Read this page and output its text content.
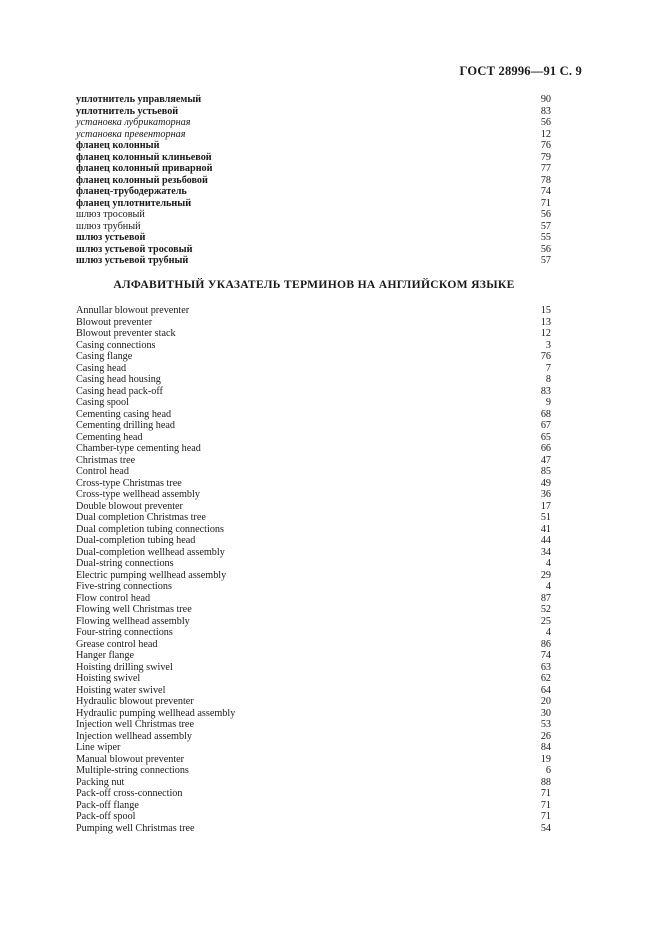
ГОСТ 28996—91 С. 9
уплотнитель управляемый	90
уплотнитель устьевой	83
установка лубрикаторная	56
установка превенторная	12
фланец колонный	76
фланец колонный клиньевой	79
фланец колонный приварной	77
фланец колонный резьбовой	78
фланец-трубодержатель	74
фланец уплотнительный	71
шлюз тросовый	56
шлюз трубный	57
шлюз устьевой	55
шлюз устьевой тросовый	56
шлюз устьевой трубный	57
АЛФАВИТНЫЙ УКАЗАТЕЛЬ ТЕРМИНОВ НА АНГЛИЙСКОМ ЯЗЫКЕ
Annullar blowout preventer	15
Blowout preventer	13
Blowout preventer stack	12
Casing connections	3
Casing flange	76
Casing head	7
Casing head housing	8
Casing head pack-off	83
Casing spool	9
Cementing casing head	68
Cementing drilling head	67
Cementing head	65
Chamber-type cementing head	66
Christmas tree	47
Control head	85
Cross-type Christmas tree	49
Cross-type wellhead assembly	36
Double blowout preventer	17
Dual completion Christmas tree	51
Dual completion tubing connections	41
Dual-completion tubing head	44
Dual-completion wellhead assembly	34
Dual-string connections	4
Electric pumping wellhead assembly	29
Five-string connections	4
Flow control head	87
Flowing well Christmas tree	52
Flowing wellhead assembly	25
Four-string connections	4
Grease control head	86
Hanger flange	74
Hoisting drilling swivel	63
Hoisting swivel	62
Hoisting water swivel	64
Hydraulic blowout preventer	20
Hydraulic pumping wellhead assembly	30
Injection well Christmas tree	53
Injection wellhead assembly	26
Line wiper	84
Manual blowout preventer	19
Multiple-string connections	6
Packing nut	88
Pack-off cross-connection	71
Pack-off flange	71
Pack-off spool	71
Pumping well Christmas tree	54
